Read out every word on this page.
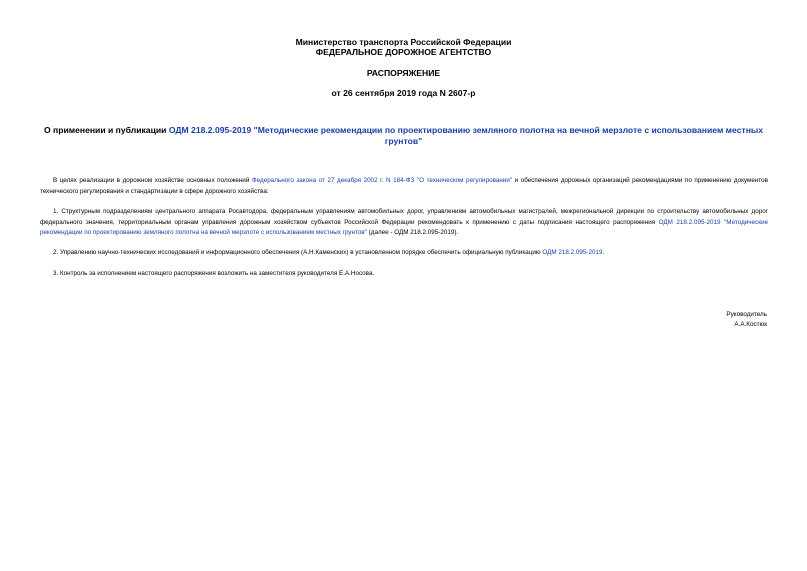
Министерство транспорта Российской Федерации
ФЕДЕРАЛЬНОЕ ДОРОЖНОЕ АГЕНТСТВО
РАСПОРЯЖЕНИЕ
от 26 сентября 2019 года N 2607-р
О применении и публикации ОДМ 218.2.095-2019 "Методические рекомендации по проектированию земляного полотна на вечной мерзлоте с использованием местных грунтов"
В целях реализации в дорожном хозяйстве основных положений Федерального закона от 27 декабря 2002 г. N 184-ФЗ "О техническом регулировании" и обеспечения дорожных организаций рекомендациями по применению документов технического регулирования и стандартизации в сфере дорожного хозяйства:
1. Структурным подразделениям центрального аппарата Росавтодора, федеральным управлениям автомобильных дорог, управлениям автомобильных магистралей, межрегиональной дирекции по строительству автомобильных дорог федерального значения, территориальным органам управления дорожным хозяйством субъектов Российской Федерации рекомендовать к применению с даты подписания настоящего распоряжения ОДМ 218.2.095-2019 "Методические рекомендации по проектированию земляного полотна на вечной мерзлоте с использованием местных грунтов" (далее - ОДМ 218.2.095-2019).
2. Управлению научно-технических исследований и информационного обеспечения (А.Н.Каменских) в установленном порядке обеспечить официальную публикацию ОДМ 218.2.095-2019.
3. Контроль за исполнением настоящего распоряжения возложить на заместителя руководителя Е.А.Носова.
Руководитель
А.А.Костюк
